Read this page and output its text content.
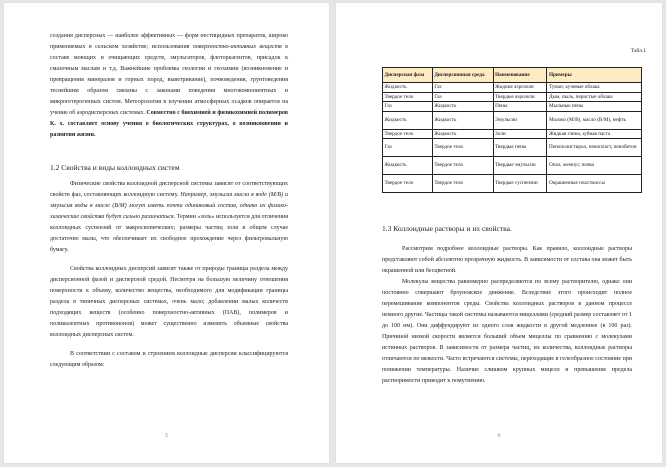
создания дисперсных — наиболее эффективных — форм пестицидных препаратов, широко применяемых в сельском хозяйстве; использования поверхностно-активных веществ в составе моющих и очищающих средств, эмульгаторов, флотореагентов, присадок к смазочным маслам и т.д. Важнейшие проблемы геологии и геохимии (возникновение и превращения минералов и горных пород, выветривание), почвоведения, грунтоведения теснейшим образом связаны с законами поведения многокомпонентных и микрогетерогенных систем. Метеорология в изучении атмосферных осадков опирается на учение об аэродисперсных системах. Совместно с биохимией и физикохимией полимеров К. х. составляет основу учения о биологических структурах, о возникновении и развитии жизни.

1.2 Свойства и виды коллоидных систем

Физические свойства коллоидной дисперсной системы зависят от соответствующих свойств фаз, составляющих коллоидную систему. Например, эмульсия масла в воде (М/В) и эмульсия воды в масле (В/М) могут иметь почти одинаковый состав, однако их физико-химические свойства будут сильно различаться. Термин «золь» используется для отличения коллоидных суспензий от макроскопических; размеры частиц золя в общем случае достаточно малы, что обеспечивает их свободное прохождение через фильтровальную бумагу.

Свойства коллоидных дисперсий зависят также от природы границы раздела между дисперсионной фазой и дисперсной средой. Несмотря на большую величину отношения поверхности к объему, количество вещества, необходимого для модификации границы раздела в типичных дисперсных системах, очень мало; добавлении малых количеств подходящих веществ (особенно поверхностно-активных (ПАВ), полимеров и поливалентных противоионов) может существенно изменить объемные свойства коллоидных дисперсных систем.

В соответствии с составом и строением коллоидные дисперсии классифицируются следующим образом:

5
Табл.1
Дисперсная фаза	Дисперсионная среда	Наименование	Примеры
Жидкость	Газ	Жидкие аэрозоли	Туман, кучевые облака
Твердое тело	Газ	Твердые аэрозоли	Дым, пыль, перистые облака
Газ	Жидкость	Пены	Мыльные пены
Жидкость	Жидкость	Эмульсии	Молоко (М/В), масло (В/М), нефть
Твердое тело	Жидкость	Золи	Жидкая глина, зубная паста
Газ	Твердое тело	Твердые пены	Пенополистирол, пенопласт, пенобетон
Жидкость	Твердое тело	Твердые эмульсии	Опал, жемчуг, почва
Твердое тело	Твердое тело	Твердые суспензии	Окрашенные пластмассы
1.3 Коллоидные растворы и их свойства.

Рассмотрим подробнее коллоидные растворы. Как правило, коллоидные растворы представляют собой абсолютно прозрачную жидкость. В зависимости от состава она может быть окрашенной или бесцветной.

Молекулы вещества равномерно распределяются по всему растворителю, однако они постоянно совершают броуновское движение. Вследствие этого происходит полное перемешивание компонентов среды. Свойства коллоидных растворов в данном процессе немного другие. Частицы такой системы называются мицеллами (средний размер составляет от 1 до 100 нм). Они диффундируют из одного слоя жидкости в другой медленнее (в 100 раз). Причиной низкой скорости является больший объем мицеллы по сравнению с молекулами истинных растворов. В зависимости от размера частиц, их количества, коллоидные растворы отличаются по вязкости. Часто встречаются системы, переходящие в гелеобразное состояние при понижении температуры. Наличие слишком крупных мицелл и превышение предела растворимости приводит к помутнению.

6
